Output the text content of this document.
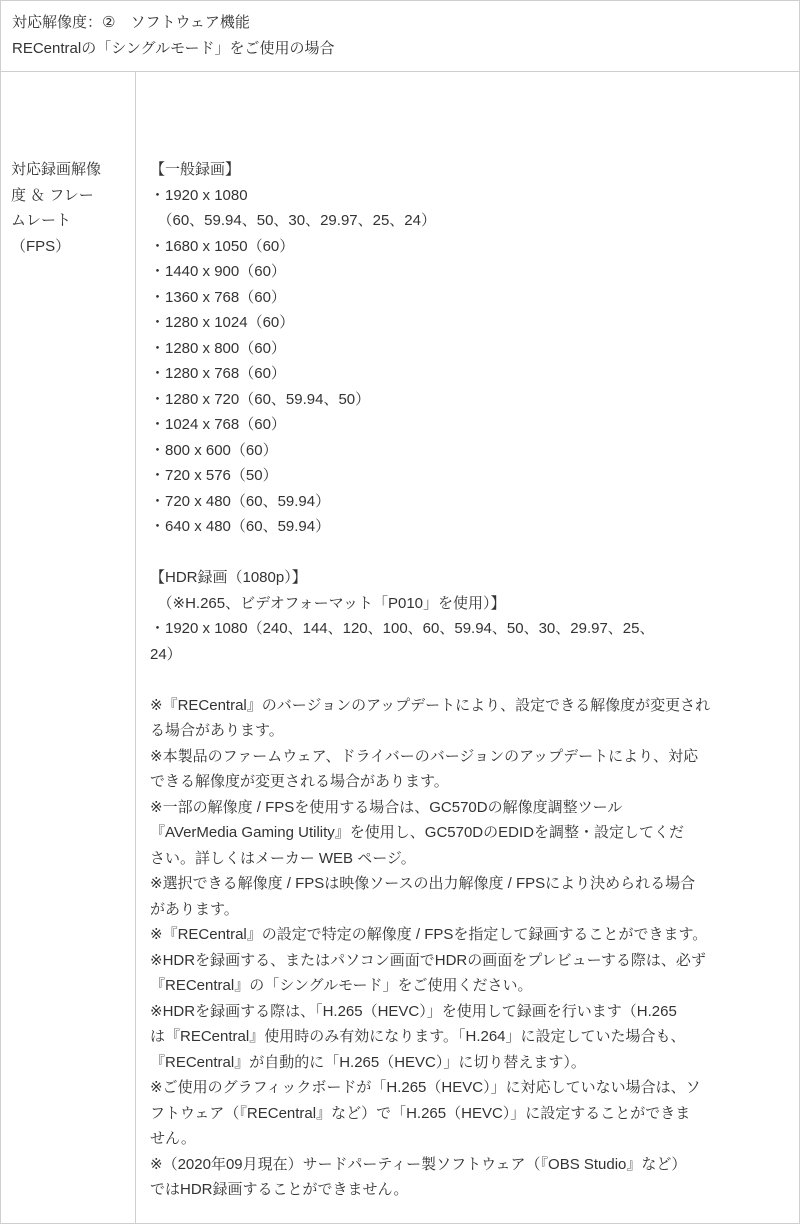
対応解像度：②　ソフトウェア機能
RECentralの「シングルモード」をご使用の場合

対応録画解像
度 ＆ フレー
ムレート
（FPS）

【一般録画】
・1920 x 1080
　（60、59.94、50、30、29.97、25、24）
・1680 x 1050（60）
・1440 x 900（60）
・1360 x 768（60）
・1280 x 1024（60）
・1280 x 800（60）
・1280 x 768（60）
・1280 x 720（60、59.94、50）
・1024 x 768（60）
・800 x 600（60）
・720 x 576（50）
・720 x 480（60、59.94）
・640 x 480（60、59.94）
【HDR録画（1080p）】
　（※H.265、ビデオフォーマット「P010」を使用）】
・1920 x 1080（240、144、120、100、60、59.94、50、30、29.97、25、
24）
※『RECentral』のバージョンのアップデートにより、設定できる解像度が変更され
る場合があります。
※本製品のファームウェア、ドライバーのバージョンのアップデートにより、対応
できる解像度が変更される場合があります。
※一部の解像度 / FPSを使用する場合は、GC570Dの解像度調整ツール
『AVerMedia Gaming Utility』を使用し、GC570DのEDIDを調整・設定してくだ
さい。詳しくはメーカー WEB ページ。
※選択できる解像度 / FPSは映像ソースの出力解像度 / FPSにより決められる場合
があります。
※『RECentral』の設定で特定の解像度 / FPSを指定して録画することができます。
※HDRを録画する、またはパソコン画面でHDRの画面をプレビューする際は、必ず
『RECentral』の「シングルモード」をご使用ください。
※HDRを録画する際は、「H.265（HEVC）」を使用して録画を行います（H.265
は『RECentral』使用時のみ有効になります。「H.264」に設定していた場合も、
『RECentral』が自動的に「H.265（HEVC）」に切り替えます）。
※ご使用のグラフィックボードが「H.265（HEVC）」に対応していない場合は、ソ
フトウェア（『RECentral』など）で「H.265（HEVC）」に設定することができま
せん。
※（2020年09月現在）サードパーティー製ソフトウェア（『OBS Studio』など）
ではHDR録画することができません。
